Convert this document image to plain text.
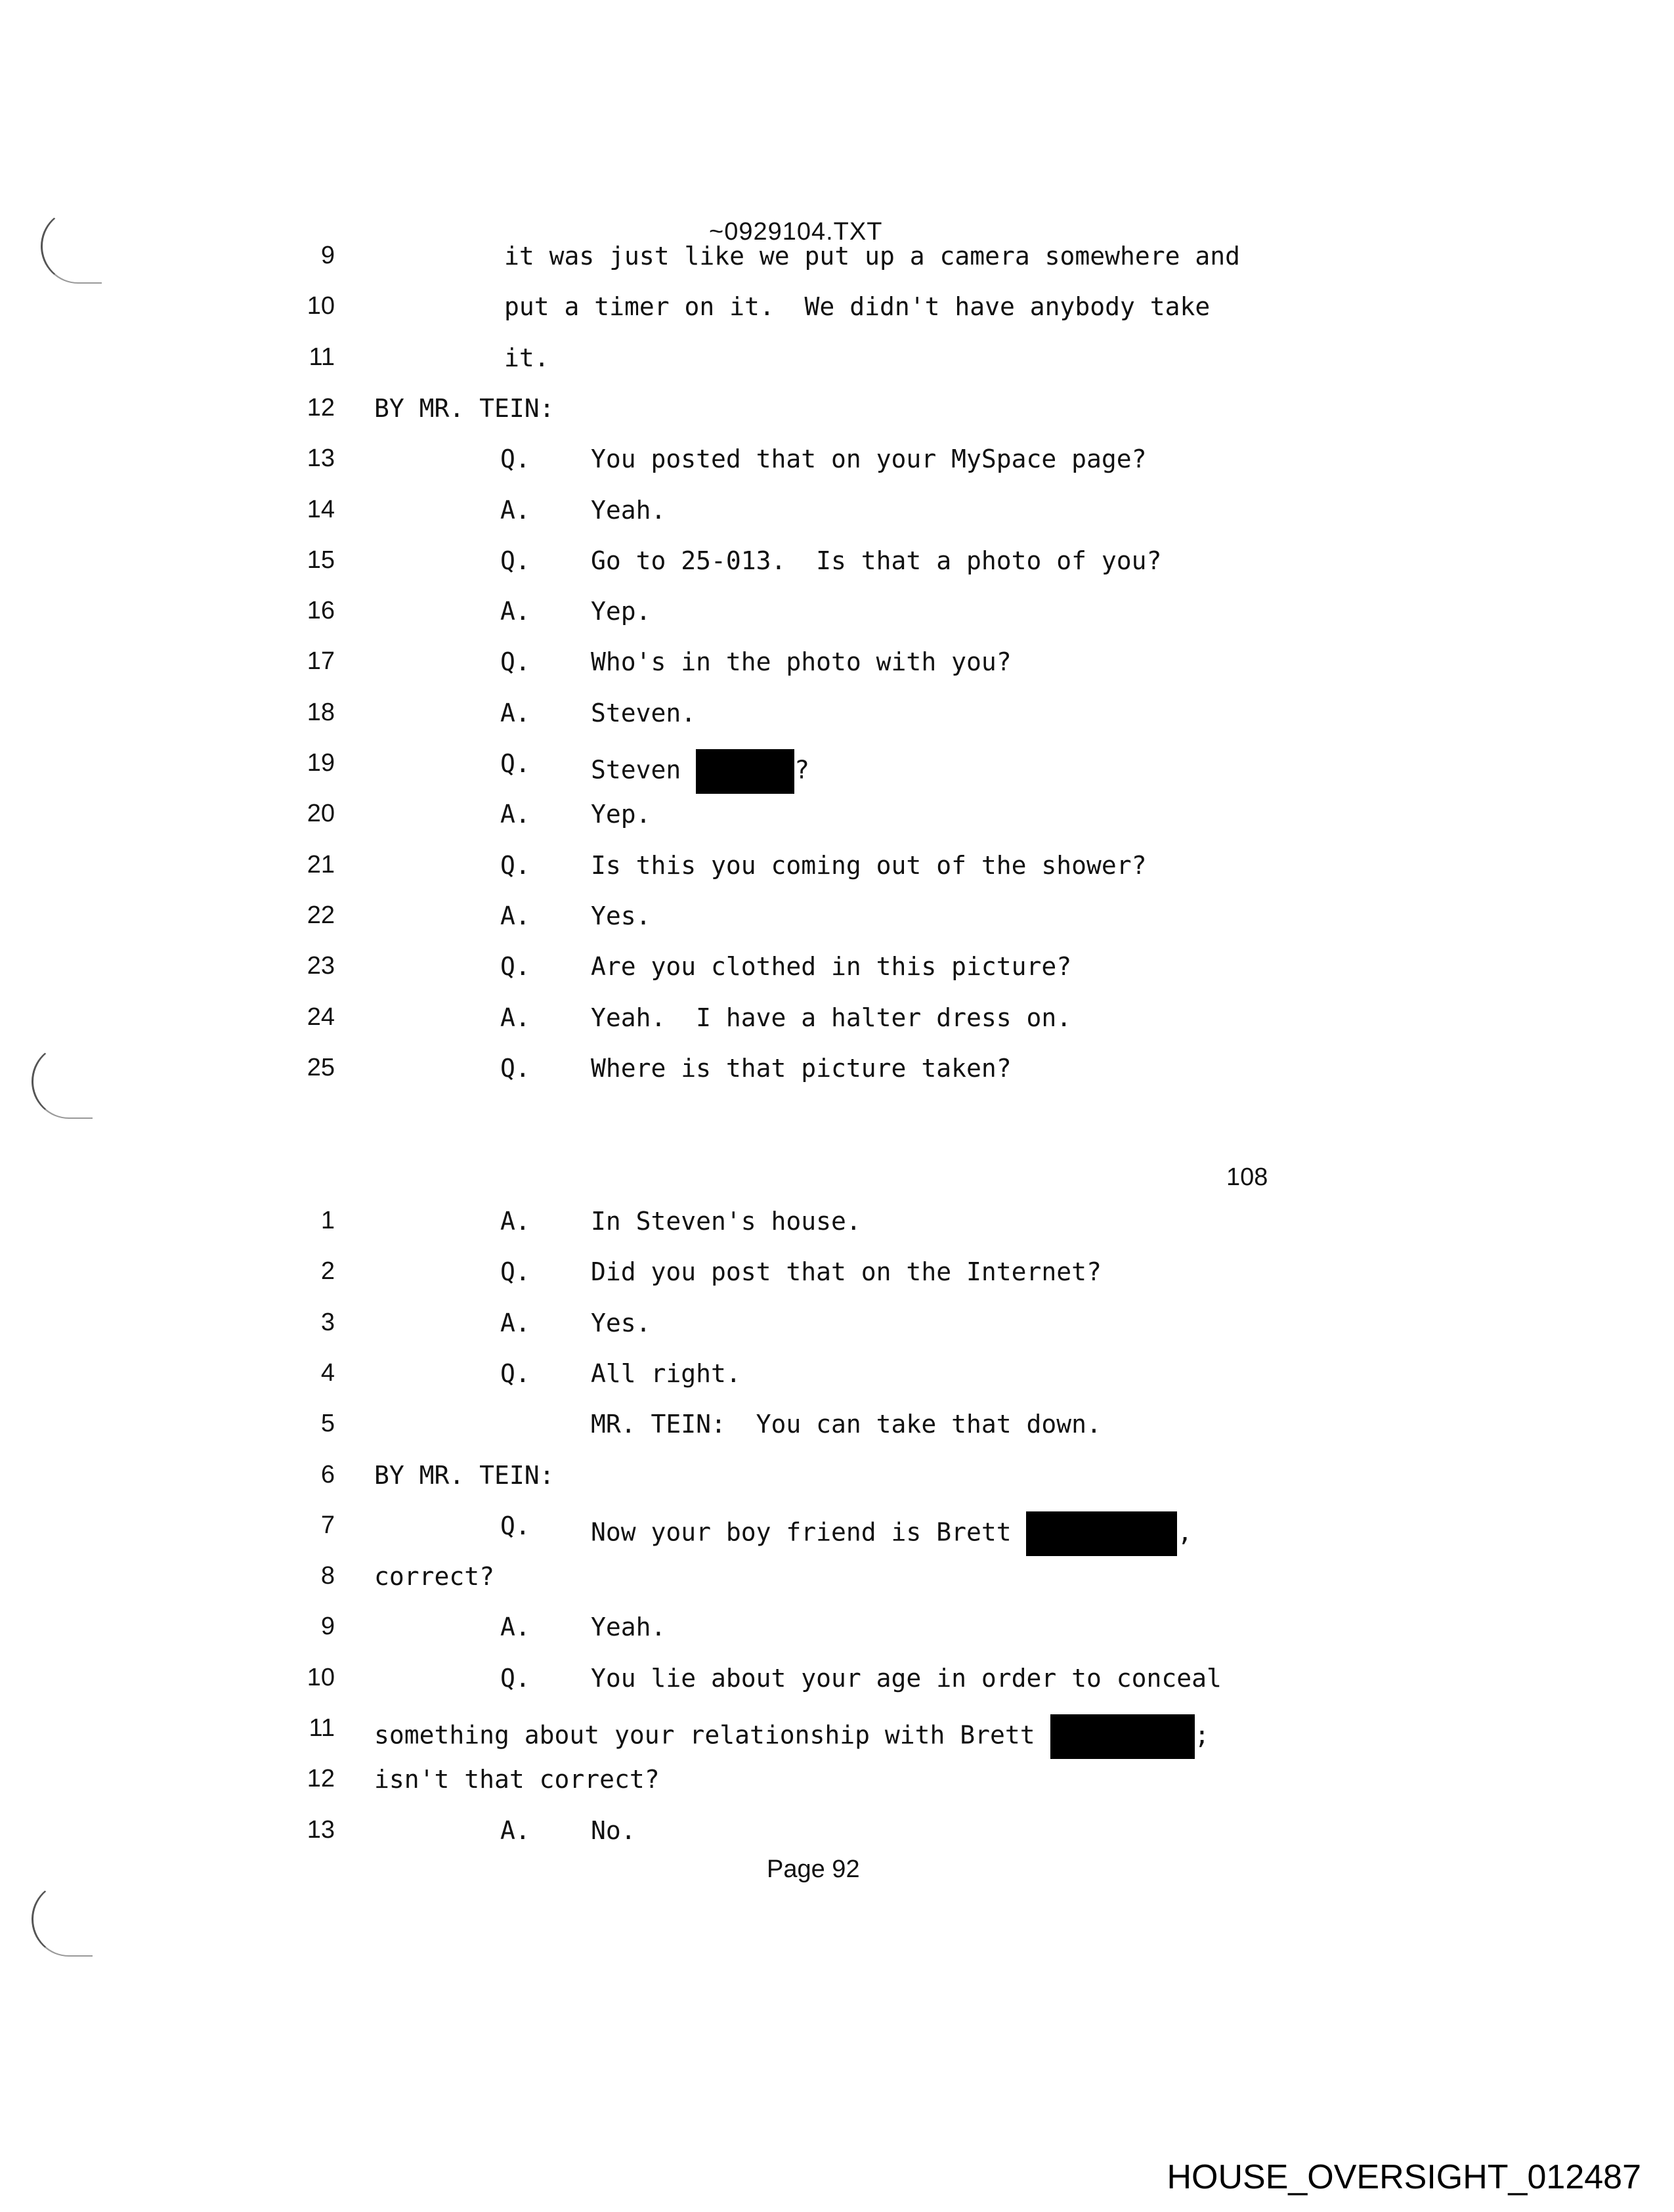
~0929104.TXT
9	it was just like we put up a camera somewhere and
10	put a timer on it.  We didn't have anybody take
11	it.
12 BY MR. TEIN:
13	Q. You posted that on your MySpace page?
14	A. Yeah.
15	Q. Go to 25-013.  Is that a photo of you?
16	A. Yep.
17	Q. Who's in the photo with you?
18	A. Steven.
19	Q. Steven	?
20	A. Yep.
21	Q. Is this you coming out of the shower?
22	A. Yes.
23	Q. Are you clothed in this picture?
24	A. Yeah.  I have a halter dress on.
25	Q. Where is that picture taken?
108
1	A. In Steven's house.
2	Q. Did you post that on the Internet?
3	A. Yes.
4	Q. All right.
5	MR. TEIN:  You can take that down.
6 BY MR. TEIN:
7	Q. Now your boy friend is Brett	,
8 correct?
9	A. Yeah.
10	Q. You lie about your age in order to conceal
11 something about your relationship with Brett	;
12 isn't that correct?
13	A. No.
Page 92
HOUSE_OVERSIGHT_012487
